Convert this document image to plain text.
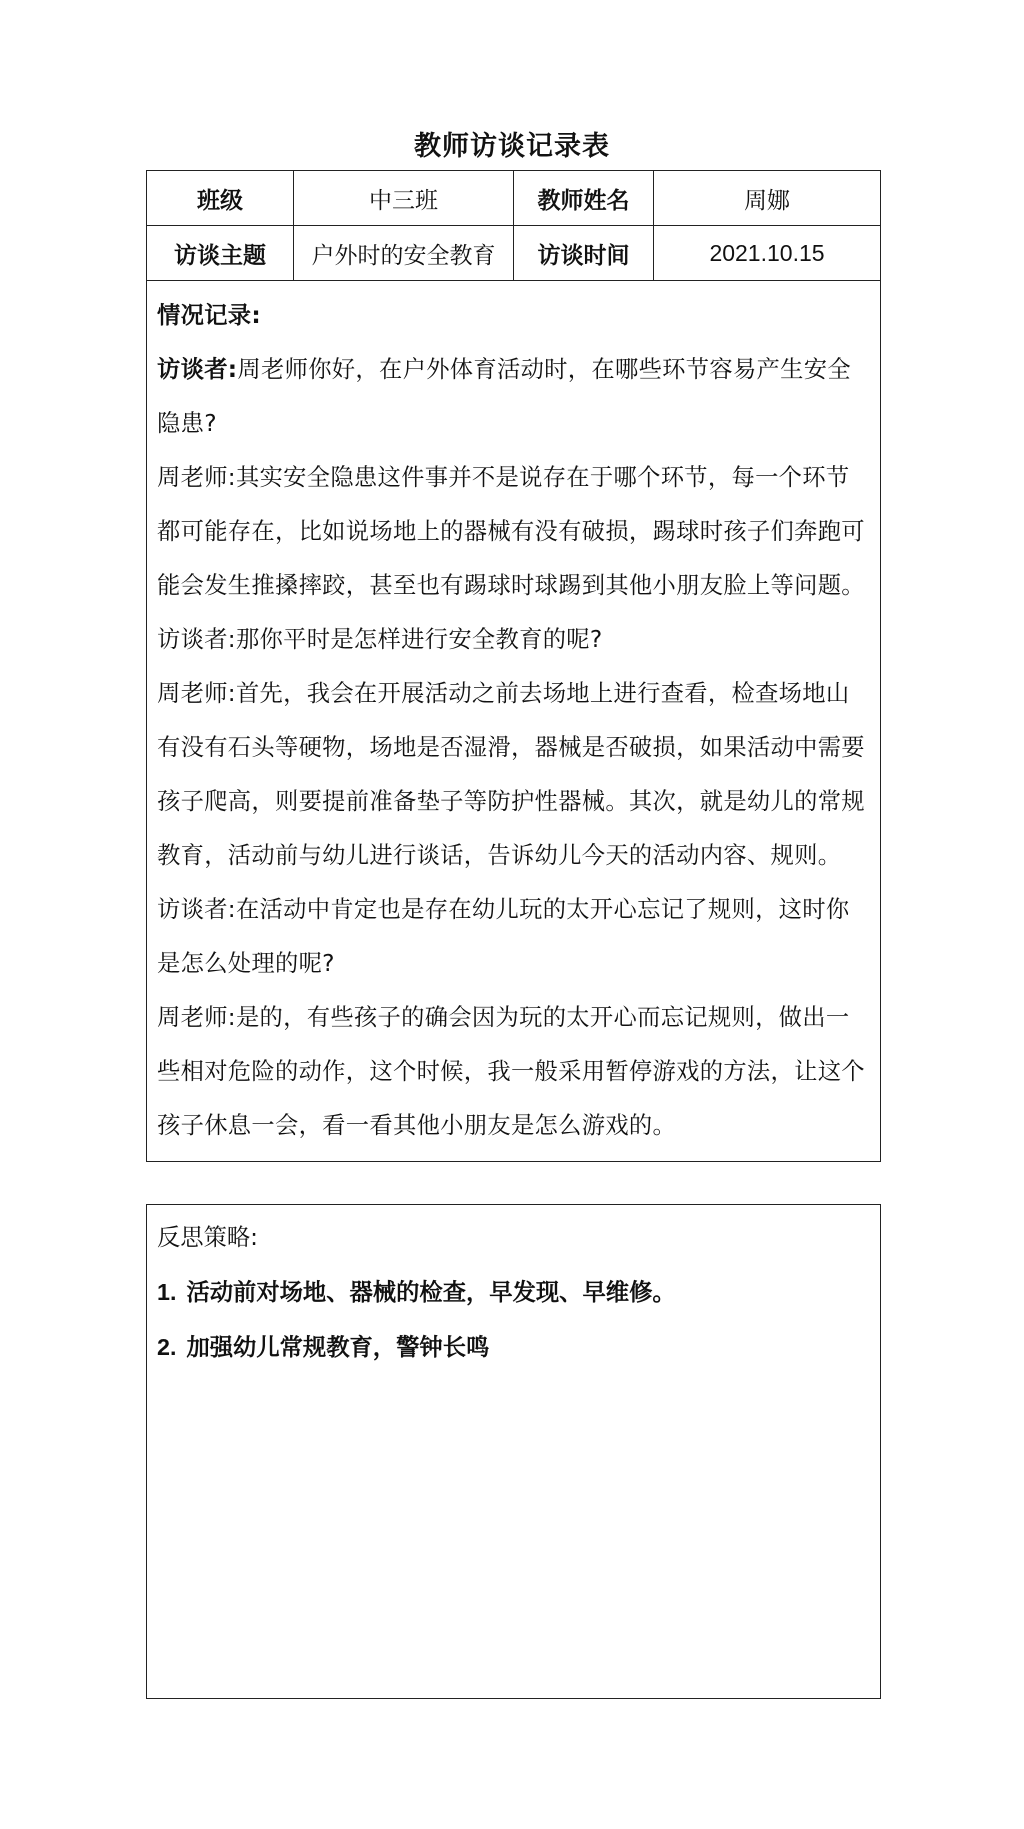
教师访谈记录表
班级	中三班	教师姓名	周娜
访谈主题	户外时的安全教育	访谈时间	2021.10.15

情况记录:

访谈者:周老师你好，在户外体育活动时，在哪些环节容易产生安全隐患?

周老师:其实安全隐患这件事并不是说存在于哪个环节，每一个环节都可能存在，比如说场地上的器械有没有破损，踢球时孩子们奔跑可能会发生推搡摔跤，甚至也有踢球时球踢到其他小朋友脸上等问题。

访谈者:那你平时是怎样进行安全教育的呢?

周老师:首先，我会在开展活动之前去场地上进行查看，检查场地山有没有石头等硬物，场地是否湿滑，器械是否破损，如果活动中需要孩子爬高，则要提前准备垫子等防护性器械。其次，就是幼儿的常规教育，活动前与幼儿进行谈话，告诉幼儿今天的活动内容、规则。

访谈者:在活动中肯定也是存在幼儿玩的太开心忘记了规则，这时你是怎么处理的呢?

周老师:是的，有些孩子的确会因为玩的太开心而忘记规则，做出一些相对危险的动作，这个时候，我一般采用暂停游戏的方法，让这个孩子休息一会，看一看其他小朋友是怎么游戏的。

反思策略:

1. 活动前对场地、器械的检查，早发现、早维修。

2. 加强幼儿常规教育，警钟长鸣
